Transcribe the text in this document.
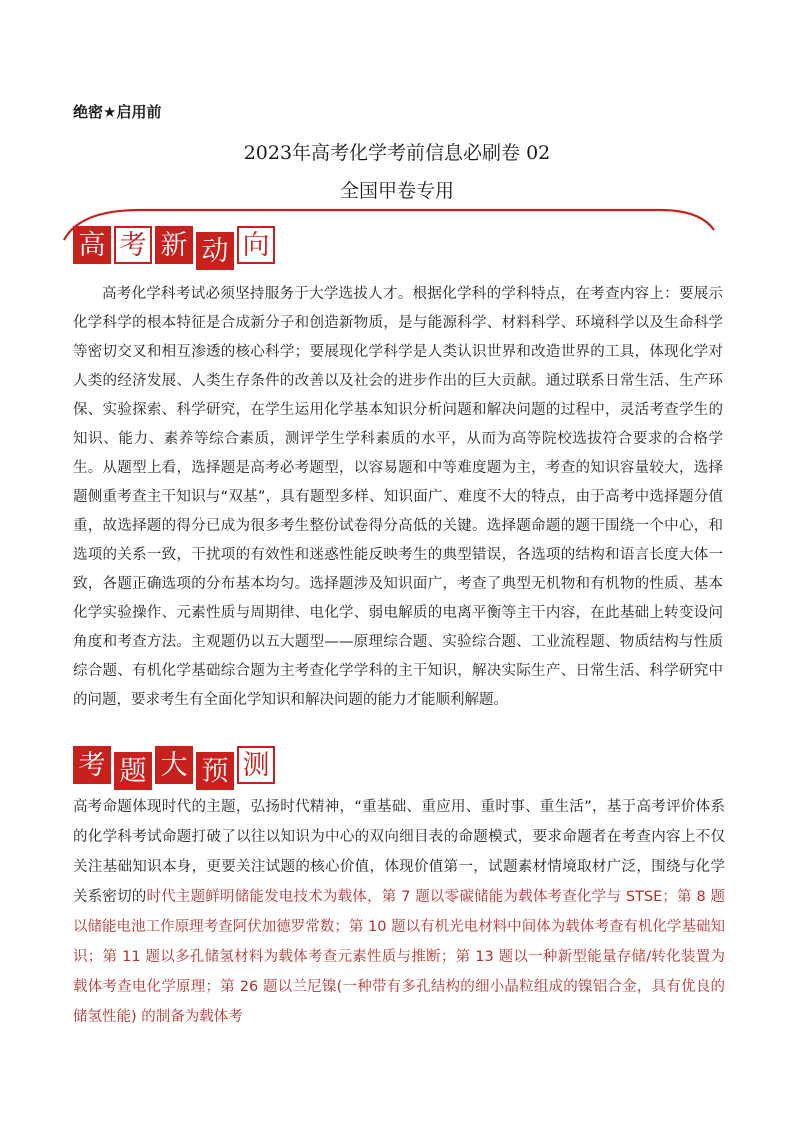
绝密★启用前
2023年高考化学考前信息必刷卷 02
全国甲卷专用
高 考 新 动 向
高考化学科考试必须坚持服务于大学选拔人才。根据化学科的学科特点，在考查内容上：要展示化学科学的根本特征是合成新分子和创造新物质，是与能源科学、材料科学、环境科学以及生命科学等密切交叉和相互渗透的核心科学；要展现化学科学是人类认识世界和改造世界的工具，体现化学对人类的经济发展、人类生存条件的改善以及社会的进步作出的巨大贡献。通过联系日常生活、生产环保、实验探索、科学研究，在学生运用化学基本知识分析问题和解决问题的过程中，灵活考查学生的知识、能力、素养等综合素质，测评学生学科素质的水平，从而为高等院校选拔符合要求的合格学生。从题型上看，选择题是高考必考题型，以容易题和中等难度题为主，考查的知识容量较大，选择题侧重考查主干知识与“双基”，具有题型多样、知识面广、难度不大的特点，由于高考中选择题分值重，故选择题的得分已成为很多考生整份试卷得分高低的关键。选择题命题的题干围绕一个中心，和选项的关系一致，干扰项的有效性和迷惑性能反映考生的典型错误，各选项的结构和语言长度大体一致，各题正确选项的分布基本均匀。选择题涉及知识面广，考查了典型无机物和有机物的性质、基本化学实验操作、元素性质与周期律、电化学、弱电解质的电离平衡等主干内容，在此基础上转变设问角度和考查方法。主观题仍以五大题型——原理综合题、实验综合题、工业流程题、物质结构与性质综合题、有机化学基础综合题为主考查化学学科的主干知识，解决实际生产、日常生活、科学研究中的问题，要求考生有全面化学知识和解决问题的能力才能顺利解题。
考 题 大 预 测
高考命题体现时代的主题，弘扬时代精神，“重基础、重应用、重时事、重生活”，基于高考评价体系的化学科考试命题打破了以往以知识为中心的双向细目表的命题模式，要求命题者在考查内容上不仅关注基础知识本身，更要关注试题的核心价值，体现价值第一，试题素材情境取材广泛，围绕与化学关系密切的时代主题鲜明储能发电技术为载体，第 7 题以零碳储能为载体考查化学与 STSE；第 8 题以储能电池工作原理考查阿伏加德罗常数；第 10 题以有机光电材料中间体为载体考查有机化学基础知识；第 11 题以多孔储氢材料为载体考查元素性质与推断；第 13 题以一种新型能量存储/转化装置为载体考查电化学原理；第 26 题以兰尼镍(一种带有多孔结构的细小晶粒组成的镍铝合金，具有优良的储氢性能) 的制备为载体考
